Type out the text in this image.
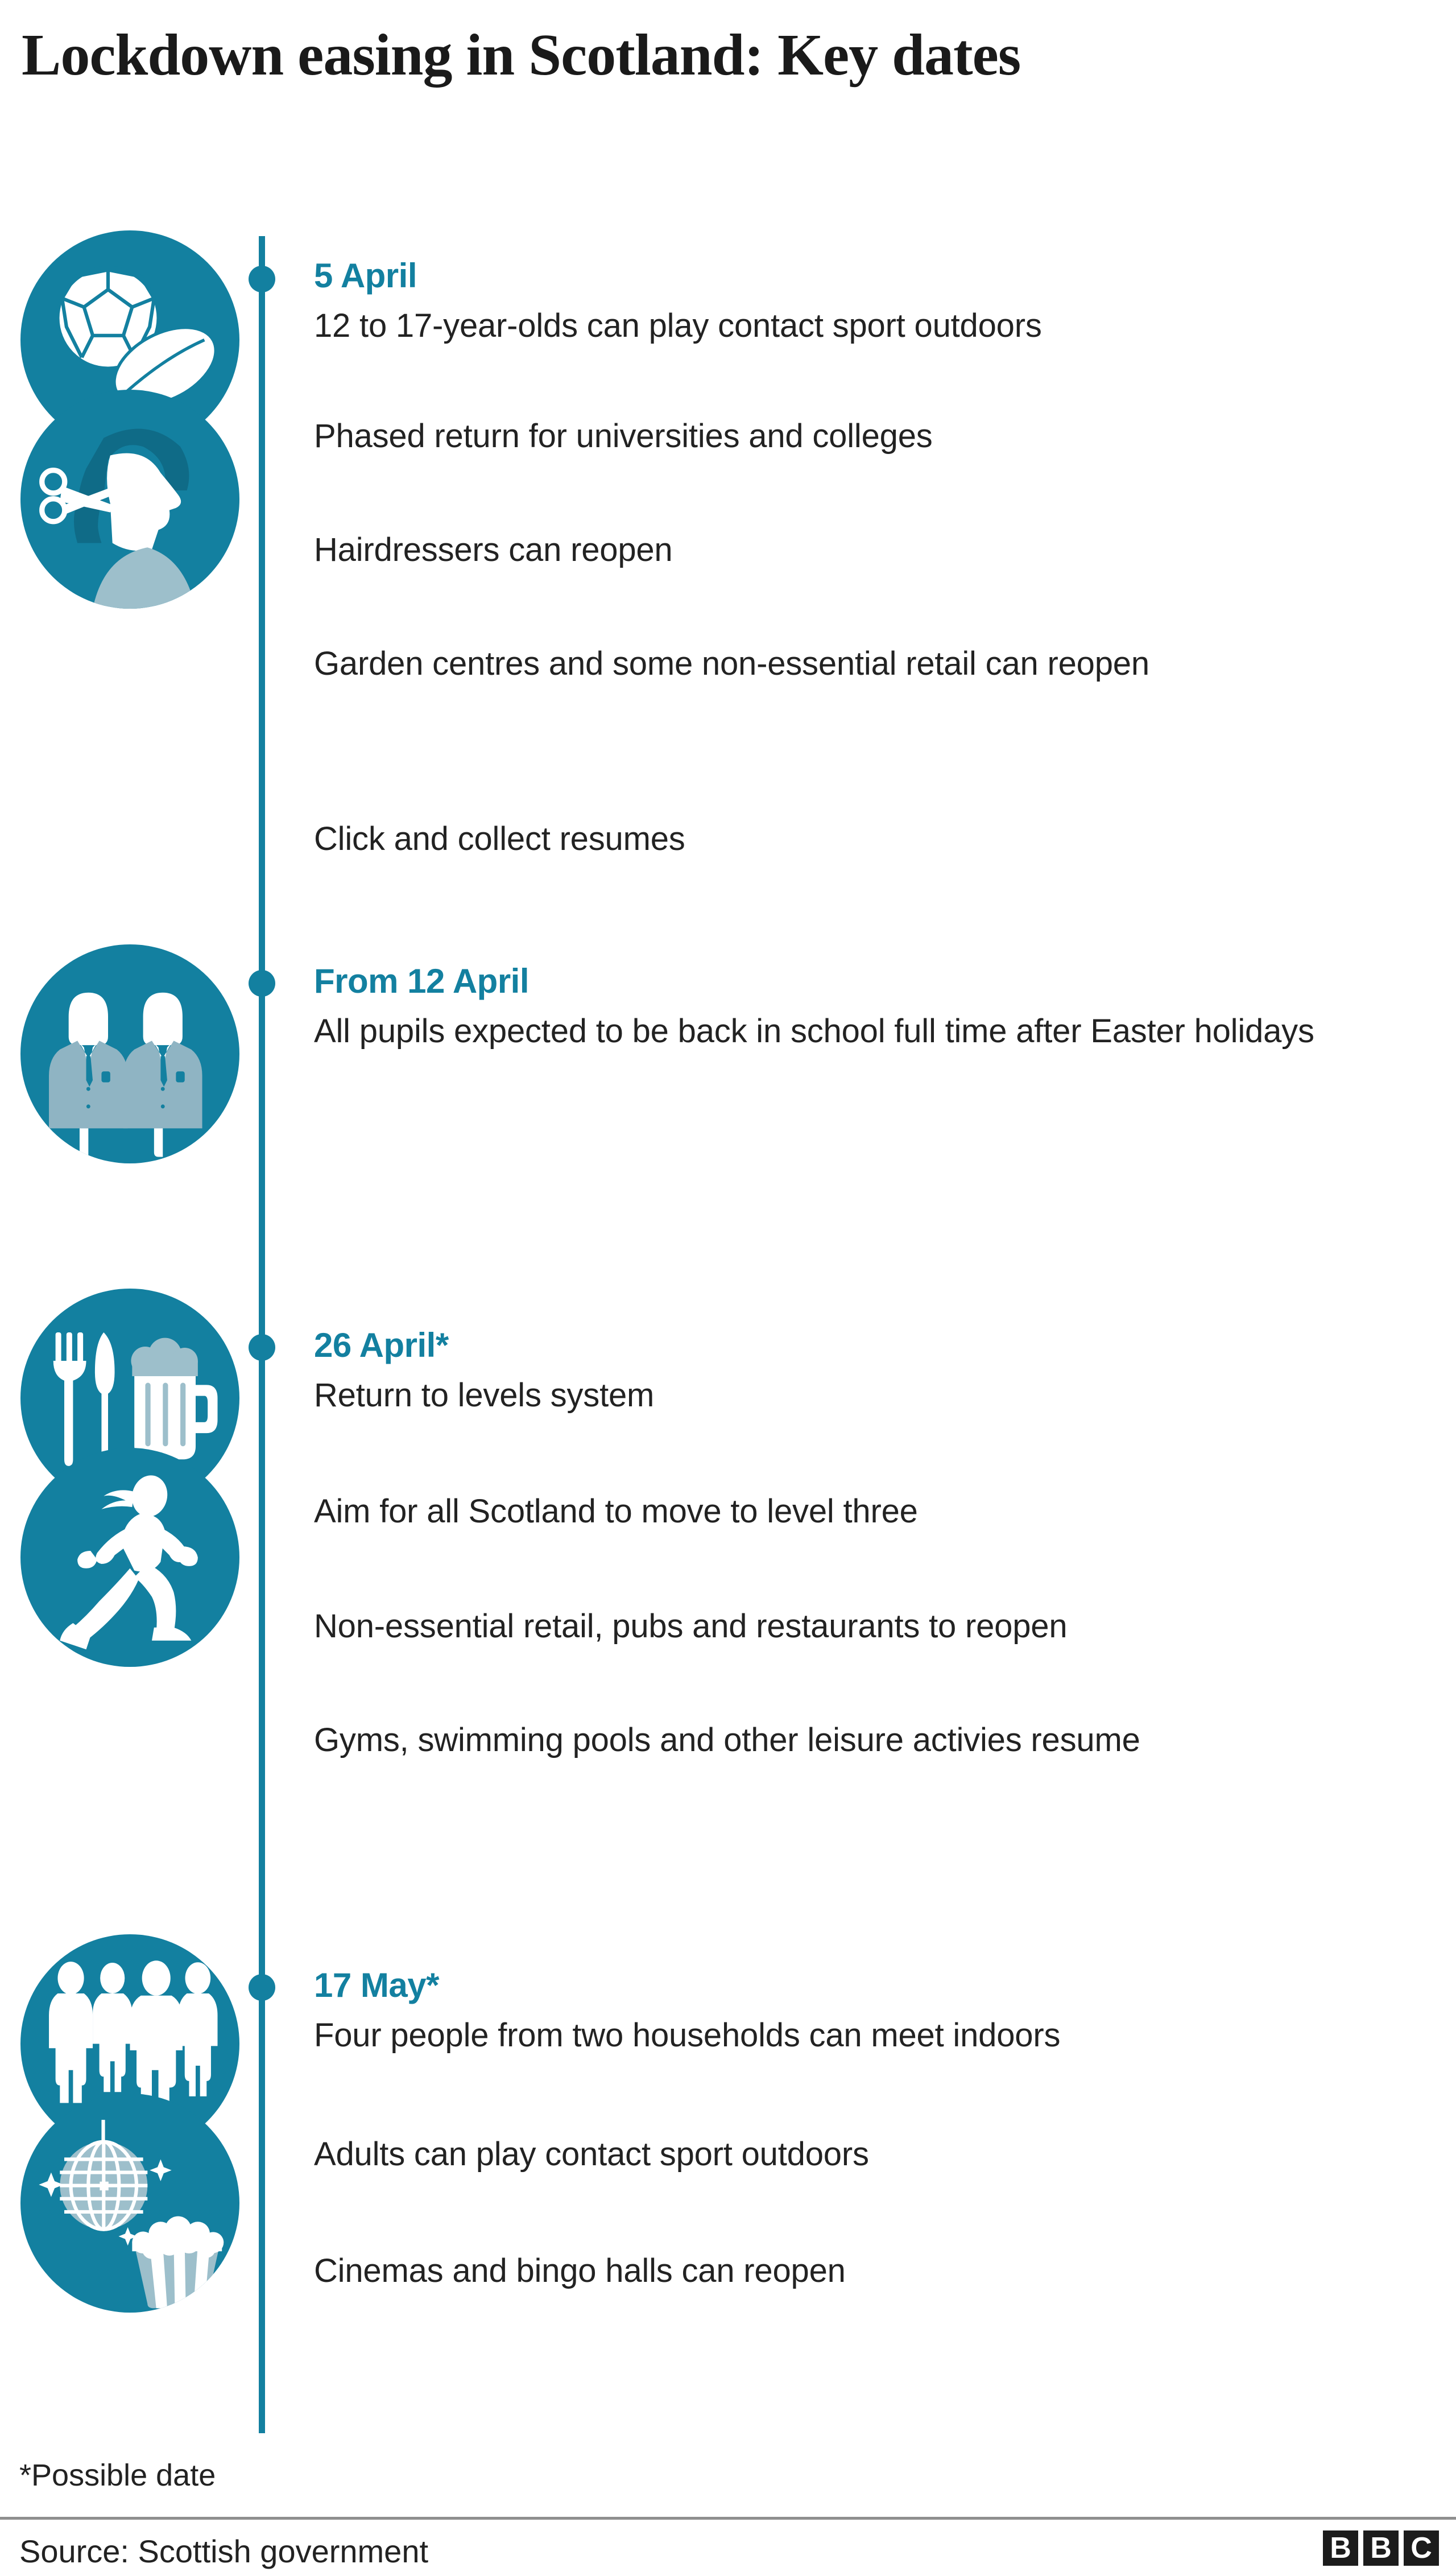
Lockdown easing in Scotland: Key dates
5 April
12 to 17-year-olds can play contact sport outdoors
Phased return for universities and colleges
Hairdressers can reopen
Garden centres and some non-essential retail can reopen
Click and collect resumes
From 12 April
All pupils expected to be back in school full time after Easter holidays
26 April*
Return to levels system
Aim for all Scotland to move to level three
Non-essential retail, pubs and restaurants to reopen
Gyms, swimming pools and other leisure activies resume
17 May*
Four people from two households can meet indoors
Adults can play contact sport outdoors
Cinemas and bingo halls can reopen
*Possible date
Source: Scottish government	B B C
